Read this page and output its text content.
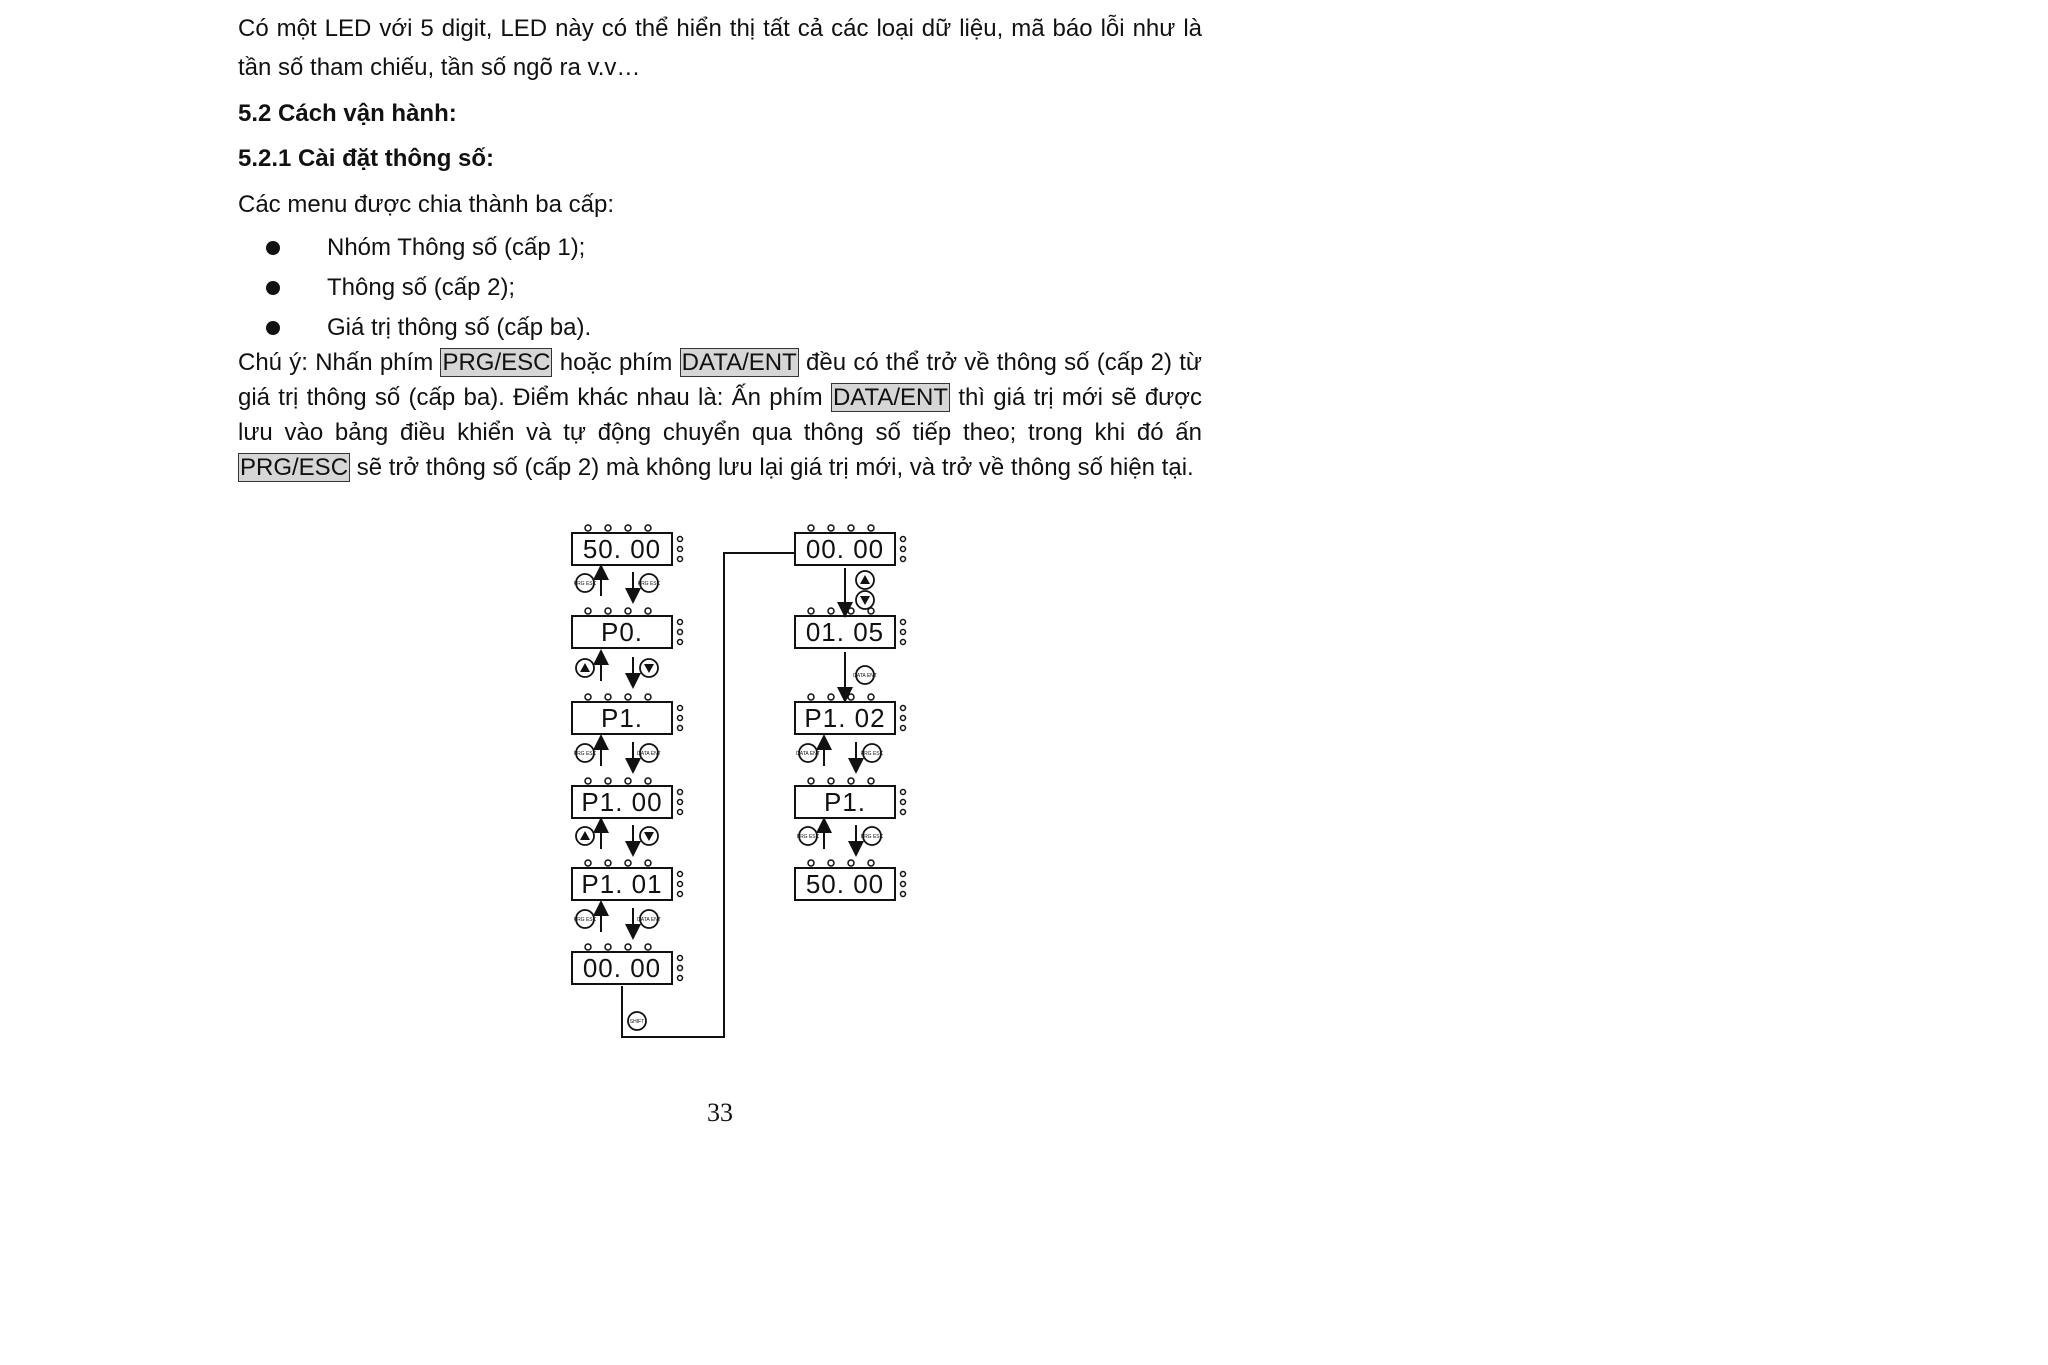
Có một LED với 5 digit, LED này có thể hiển thị tất cả các loại dữ liệu, mã báo lỗi như là
tần số tham chiếu, tần số ngõ ra v.v…
5.2 Cách vận hành:
5.2.1 Cài đặt thông số:
Các menu được chia thành ba cấp:
Nhóm Thông số (cấp 1);
Thông số (cấp 2);
Giá trị thông số (cấp ba).
Chú ý: Nhấn phím PRG/ESC hoặc phím DATA/ENT đều có thể trở về thông số (cấp 2) từ
giá trị thông số (cấp ba). Điểm khác nhau là: Ấn phím DATA/ENT thì giá trị mới sẽ được
lưu vào bảng điều khiển và tự động chuyển qua thông số tiếp theo; trong khi đó ấn
PRG/ESC sẽ trở thông số (cấp 2) mà không lưu lại giá trị mới, và trở về thông số hiện tại.
50. 00
P0.
P1.
P1. 00
P1. 01
00. 00
PRG ESC	PRG ESC
PRG ESC	DATA ENT
PRG ESC	DATA ENT
00. 00
01. 05
P1. 02
P1.
50. 00
DATA ENT
DATA ENT	PRG ESC
PRG ESC	PRG ESC
SHIFT
33
